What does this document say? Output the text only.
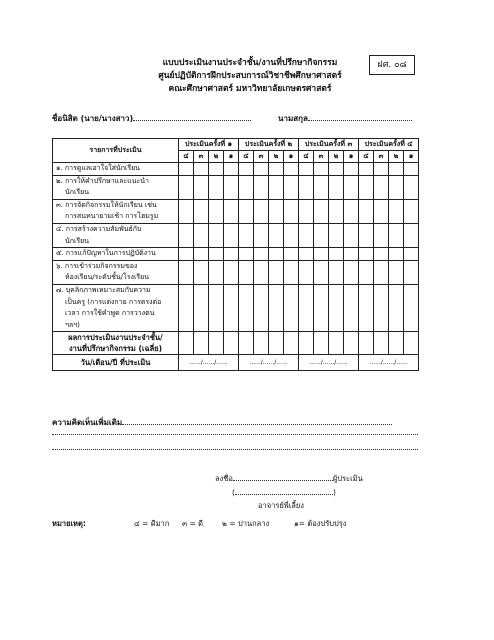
ฝศ. ๐๘
แบบประเมินงานประจำชั้น/งานที่ปรึกษากิจกรรม
ศูนย์ปฏิบัติการฝึกประสบการณ์วิชาชีพศึกษาศาสตร์
คณะศึกษาศาสตร์ มหาวิทยาลัยเกษตรศาสตร์
ชื่อนิสิต (นาย/นางสาว)	นามสกุล
รายการที่ประเมิน	ประเมินครั้งที่ ๑				ประเมินครั้งที่ ๒				ประเมินครั้งที่ ๓				ประเมินครั้งที่ ๔			
	๔	๓	๒	๑	๔	๓	๒	๑	๔	๓	๒	๑	๔	๓	๒	๑

๑. การดูแลเอาใจใส่นักเรียน																

๒. การให้คำปรึกษาและแนะนำ
นักเรียน																

๓. การจัดกิจกรรมให้นักเรียน เช่น
การสนทนายามเช้า การโฮมรูม																

๔. การสร้างความสัมพันธ์กับ
นักเรียน																

๕. การแก้ปัญหาในการปฏิบัติงาน																

๖. การเข้าร่วมกิจกรรมของ
ห้องเรียน/ระดับชั้น/โรงเรียน																

๗. บุคลิกภาพเหมาะสมกับความ
เป็นครู (การแต่งกาย การตรงต่อ
เวลา การใช้คำพูด การวางตน
ฯลฯ)																

ผลการประเมินงานประจำชั้น/
งานที่ปรึกษากิจกรรม (เฉลี่ย)																

วัน/เดือน/ปี ที่ประเมิน	....../....../......				....../....../......				....../....../......				....../....../......			
ความคิดเห็นเพิ่มเติม
ลงชื่อ	ผู้ประเมิน
(	)
อาจารย์พี่เลี้ยง
หมายเหตุ:	๔ = ดีมาก ๓ = ดี	๒ = ปานกลาง	๑= ต้องปรับปรุง
